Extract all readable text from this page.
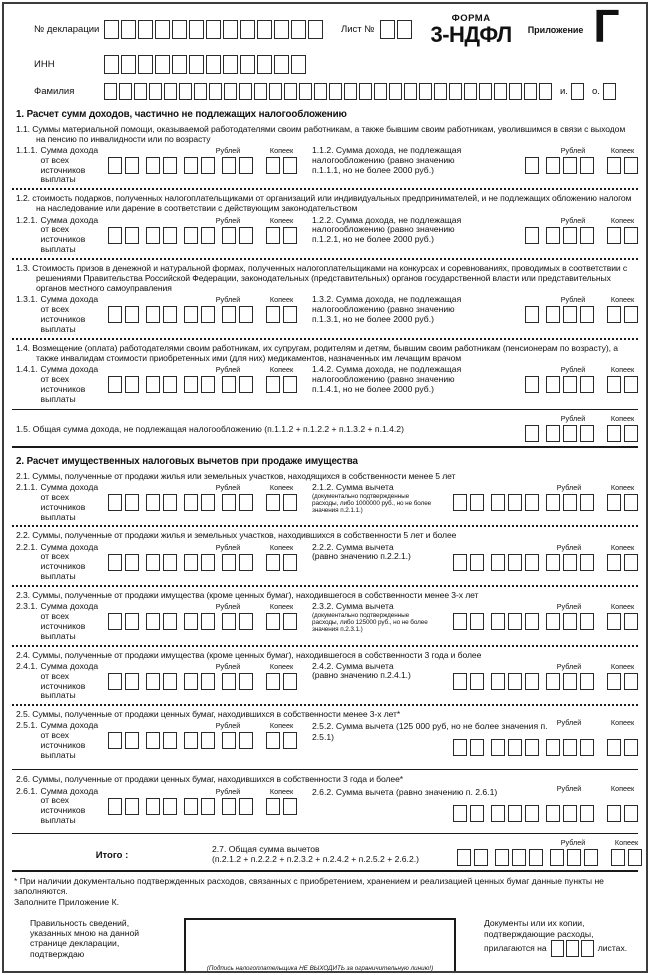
№ декларации	Лист №
ФОРМА
3-НДФЛ Приложение Г
ИНН
Фамилия	и.	о.
1. Расчет сумм доходов, частично не подлежащих налогообложению
1.1. Суммы материальной помощи, оказываемой работодателями своим работникам, а также бывшим своим работникам, уволившимся в связи с выходом на пенсию по инвалидности или по возрасту
1.1.1. Сумма дохода от всех источников выплаты
Рублей	Копеек	1.1.2. Сумма дохода, не подлежащая налогообложению (равно значению п.1.1.1, но не более 2000 руб.)
Рублей	Копеек
1.2. стоимость подарков, полученных налогоплательщиками от организаций или индивидуальных предпринимателей, и не подлежащих обложению налогом на наследование или дарение в соответствии с действующим законодательством
1.2.1. Сумма дохода от всех источников выплаты
Рублей	Копеек	1.2.2. Сумма дохода, не подлежащая налогообложению (равно значению п.1.2.1, но не более 2000 руб.)
Рублей	Копеек
1.3. Стоимость призов в денежной и натуральной формах, полученных налогоплательщиками на конкурсах и соревнованиях, проводимых в соответствии с решениями Правительства Российской Федерации, законодательных (представительных) органов государственной власти или представительных органов местного самоуправления
1.3.1. Сумма дохода от всех источников выплаты
Рублей	Копеек	1.3.2. Сумма дохода, не подлежащая налогообложению (равно значению п.1.3.1, но не более 2000 руб.)
Рублей	Копеек
1.4. Возмещение (оплата) работодателями своим работникам, их супругам, родителям и детям, бывшим своим работникам (пенсионерам по возрасту), а также инвалидам стоимости приобретенных ими (для них) медикаментов, назначенных им лечащим врачом
1.4.1. Сумма дохода от всех источников выплаты
Рублей	Копеек	1.4.2. Сумма дохода, не подлежащая налогообложению (равно значению п.1.4.1, но не более 2000 руб.)
Рублей	Копеек
1.5. Общая сумма дохода, не подлежащая налогообложению (п.1.1.2 + п.1.2.2 + п.1.3.2 + п.1.4.2)
Рублей	Копеек
2. Расчет имущественных налоговых вычетов при продаже имущества
2.1. Суммы, полученные от продажи жилья или земельных участков, находящихся в собственности менее 5 лет
2.1.1. Сумма дохода от всех источников выплаты
Рублей	Копеек	2.1.2. Сумма вычета
(документально подтвержденные расходы, либо 1000000 руб., но не более значения п.2.1.1.)
Рублей	Копеек
2.2. Суммы, полученные от продажи жилья и земельных участков, находившихся в собственности 5 лет и более
2.2.1. Сумма дохода от всех источников выплаты
Рублей	Копеек	2.2.2. Сумма вычета
(равно значению п.2.2.1.)
Рублей	Копеек
2.3. Суммы, полученные от продажи имущества (кроме ценных бумаг), находившегося в собственности менее 3-х лет
2.3.1. Сумма дохода от всех источников выплаты
Рублей	Копеек	2.3.2. Сумма вычета
(документально подтвержденные расходы, либо 125000 руб., но не более значения п.2.3.1.)
Рублей	Копеек
2.4. Суммы, полученные от продажи имущества (кроме ценных бумаг), находившегося в собственности 3 года и более
2.4.1. Сумма дохода от всех источников выплаты
Рублей	Копеек	2.4.2. Сумма вычета
(равно значению п.2.4.1.)
Рублей	Копеек
2.5. Суммы, полученные от продажи ценных бумаг, находившихся в собственности менее 3-х лет*
2.5.1. Сумма дохода от всех источников выплаты
Рублей	Копеек	2.5.2. Сумма вычета (125 000 руб, но не более значения п. 2.5.1)
Рублей	Копеек
2.6. Суммы, полученные от продажи ценных бумаг, находившихся в собственности 3 года и более*
2.6.1. Сумма дохода от всех источников выплаты
Рублей	Копеек	2.6.2. Сумма вычета (равно значению п. 2.6.1)	Рублей	Копеек
Итого :
2.7. Общая сумма вычетов
(п.2.1.2 + п.2.2.2 + п.2.3.2 + п.2.4.2 + п.2.5.2 + 2.6.2.)
Рублей	Копеек
* При наличии документально подтвержденных расходов, связанных с приобретением, хранением и реализацией ценных бумаг данные пункты не заполняются.
Заполните Приложение К.
Правильность сведений, указанных мною на данной странице декларации, подтверждаю
(Подпись налогоплательщика НЕ ВЫХОДИТЬ за ограничительную линию!)
Документы или их копии,
подтверждающие расходы,
прилагаются на	листах.
